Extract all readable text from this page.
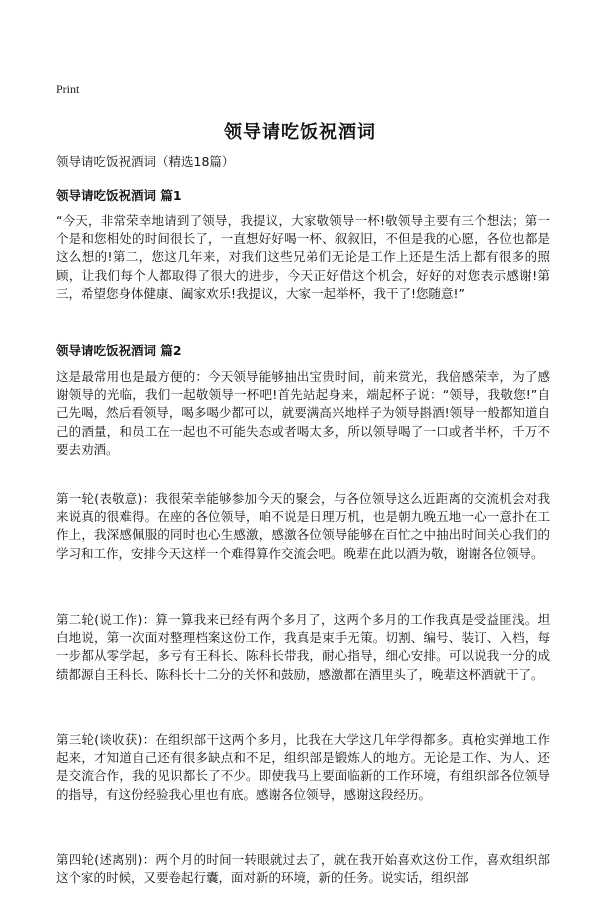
Print
领导请吃饭祝酒词
领导请吃饭祝酒词（精选18篇）
领导请吃饭祝酒词 篇1

“今天，非常荣幸地请到了领导，我提议，大家敬领导一杯!敬领导主要有三个想法；第一个是和您相处的时间很长了，一直想好好喝一杯、叙叙旧，不但是我的心愿，各位也都是这么想的!第二，您这几年来，对我们这些兄弟们无论是工作上还是生活上都有很多的照顾，让我们每个人都取得了很大的进步，今天正好借这个机会，好好的对您表示感谢!第三，希望您身体健康、阖家欢乐!我提议，大家一起举杯，我干了!您随意!”

领导请吃饭祝酒词 篇2

这是最常用也是最方便的：今天领导能够抽出宝贵时间，前来赏光，我倍感荣幸，为了感谢领导的光临，我们一起敬领导一杯吧!首先站起身来，端起杯子说：“领导，我敬您!”自己先喝，然后看领导，喝多喝少都可以，就要满高兴地样子为领导斟酒!领导一般都知道自己的酒量，和员工在一起也不可能失态或者喝太多，所以领导喝了一口或者半杯，千万不要去劝酒。

第一轮(表敬意)：我很荣幸能够参加今天的聚会，与各位领导这么近距离的交流机会对我来说真的很难得。在座的各位领导，咱不说是日理万机，也是朝九晚五地一心一意扑在工作上，我深感佩服的同时也心生感激，感激各位领导能够在百忙之中抽出时间关心我们的学习和工作，安排今天这样一个难得算作交流会吧。晚辈在此以酒为敬，谢谢各位领导。

第二轮(说工作)：算一算我来已经有两个多月了，这两个多月的工作我真是受益匪浅。坦白地说，第一次面对整理档案这份工作，我真是束手无策。切割、编号、装订、入档，每一步都从零学起，多亏有王科长、陈科长带我，耐心指导，细心安排。可以说我一分的成绩都源自王科长、陈科长十二分的关怀和鼓励，感激都在酒里头了，晚辈这杯酒就干了。

第三轮(谈收获)：在组织部干这两个多月，比我在大学这几年学得都多。真枪实弹地工作起来，才知道自己还有很多缺点和不足，组织部是锻炼人的地方。无论是工作、为人、还是交流合作，我的见识都长了不少。即使我马上要面临新的工作环境，有组织部各位领导的指导，有这份经验我心里也有底。感谢各位领导，感谢这段经历。

第四轮(述离别)：两个月的时间一转眼就过去了，就在我开始喜欢这份工作，喜欢组织部这个家的时候，又要卷起行囊，面对新的环境，新的任务。说实话，组织部
